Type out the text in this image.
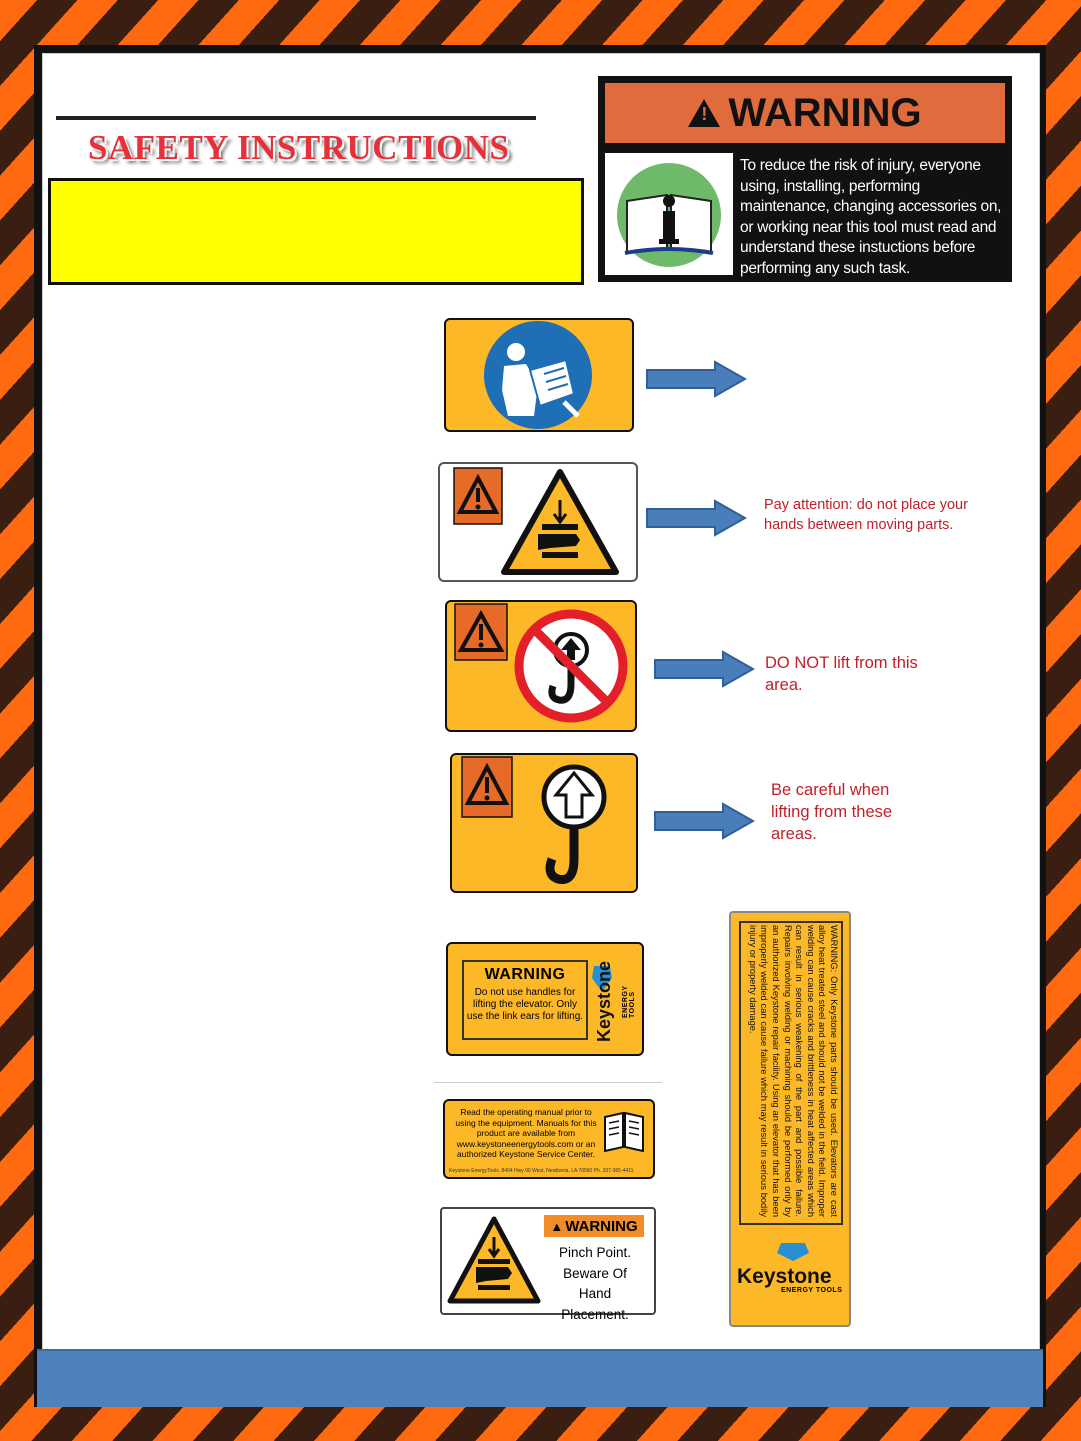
SAFETY INSTRUCTIONS
!
WARNING
To reduce the risk of injury, everyone using, installing, performing maintenance, changing accessories on, or working near this tool must read and understand these instuctions before performing any such task.
Pay attention: do not place your hands between moving parts.
DO NOT lift from this area.
Be careful when lifting from these areas.
WARNING
Do not use handles for lifting the elevator. Only use the link ears for lifting. Keystone ENERGY TOOLS
Read the operating manual prior to using the equipment. Manuals for this product are available from www.keystoneenergytools.com or an authorized Keystone Service Center.
Keystone EnergyTools, 8404 Hwy 90 West, Newiberia, LA 70560 Ph. 337-365-4411
▲ WARNING
Pinch Point.
Beware Of
Hand Placement.
WARNING: Only Keystone parts shouId be used. Elevators are cast alloy heat treated steel and should not be welded in the field. Improper welding can cause cracks and brittleness in heat affected areas which can result in serious weakening of the part and possible failure. Repairs involving welding or machining should be performed only by an authorized Keystone repair facility. Using an elevator that has been improperly welded can cause failure which may result in serious bodily injury or property damage.
Keystone
ENERGY TOOLS
